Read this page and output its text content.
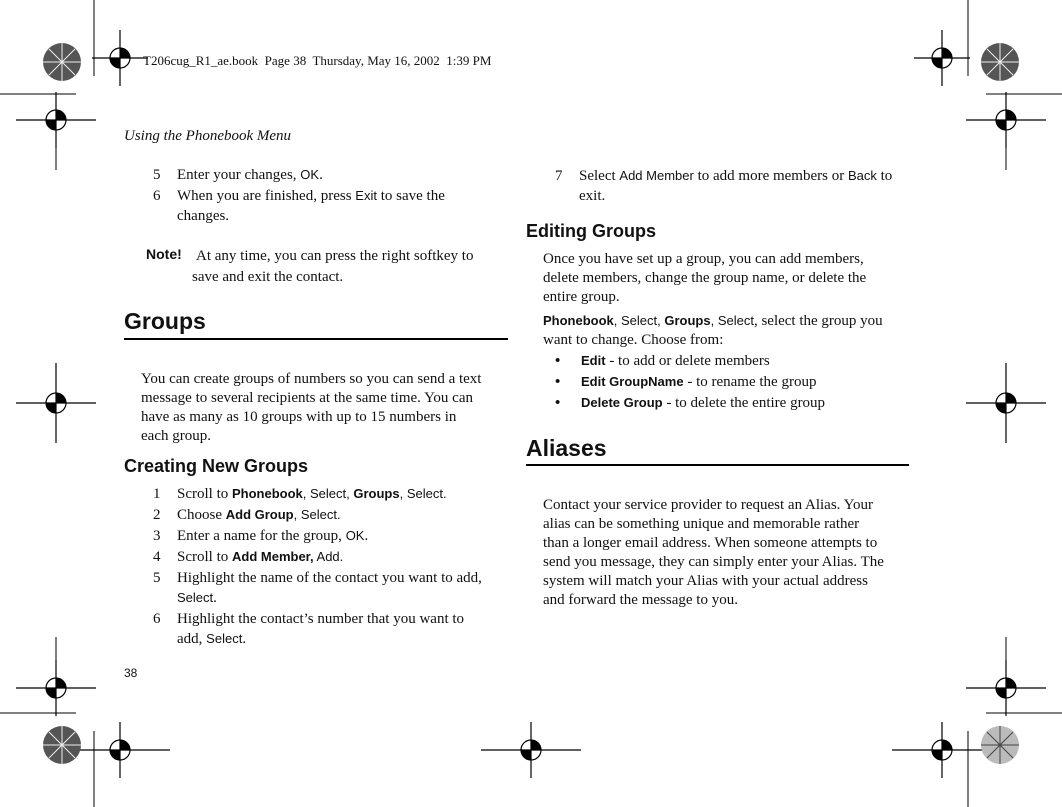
T206cug_R1_ae.book  Page 38  Thursday, May 16, 2002  1:39 PM
Using the Phonebook Menu
5 Enter your changes, OK.
6 When you are finished, press Exit to save the
changes.
Note! At any time, you can press the right softkey to
save and exit the contact.
Groups
You can create groups of numbers so you can send a text
message to several recipients at the same time. You can
have as many as 10 groups with up to 15 numbers in
each group.
Creating New Groups
1 Scroll to Phonebook, Select, Groups, Select.
2 Choose Add Group, Select.
3 Enter a name for the group, OK.
4 Scroll to Add Member, Add.
5 Highlight the name of the contact you want to add,
Select.
6 Highlight the contact’s number that you want to
add, Select.
38
7 Select Add Member to add more members or Back to
exit.
Editing Groups
Once you have set up a group, you can add members,
delete members, change the group name, or delete the
entire group.
Phonebook, Select, Groups, Select, select the group you
want to change. Choose from:
• Edit - to add or delete members
• Edit GroupName - to rename the group
• Delete Group - to delete the entire group
Aliases
Contact your service provider to request an Alias. Your
alias can be something unique and memorable rather
than a longer email address. When someone attempts to
send you message, they can simply enter your Alias. The
system will match your Alias with your actual address
and forward the message to you.
